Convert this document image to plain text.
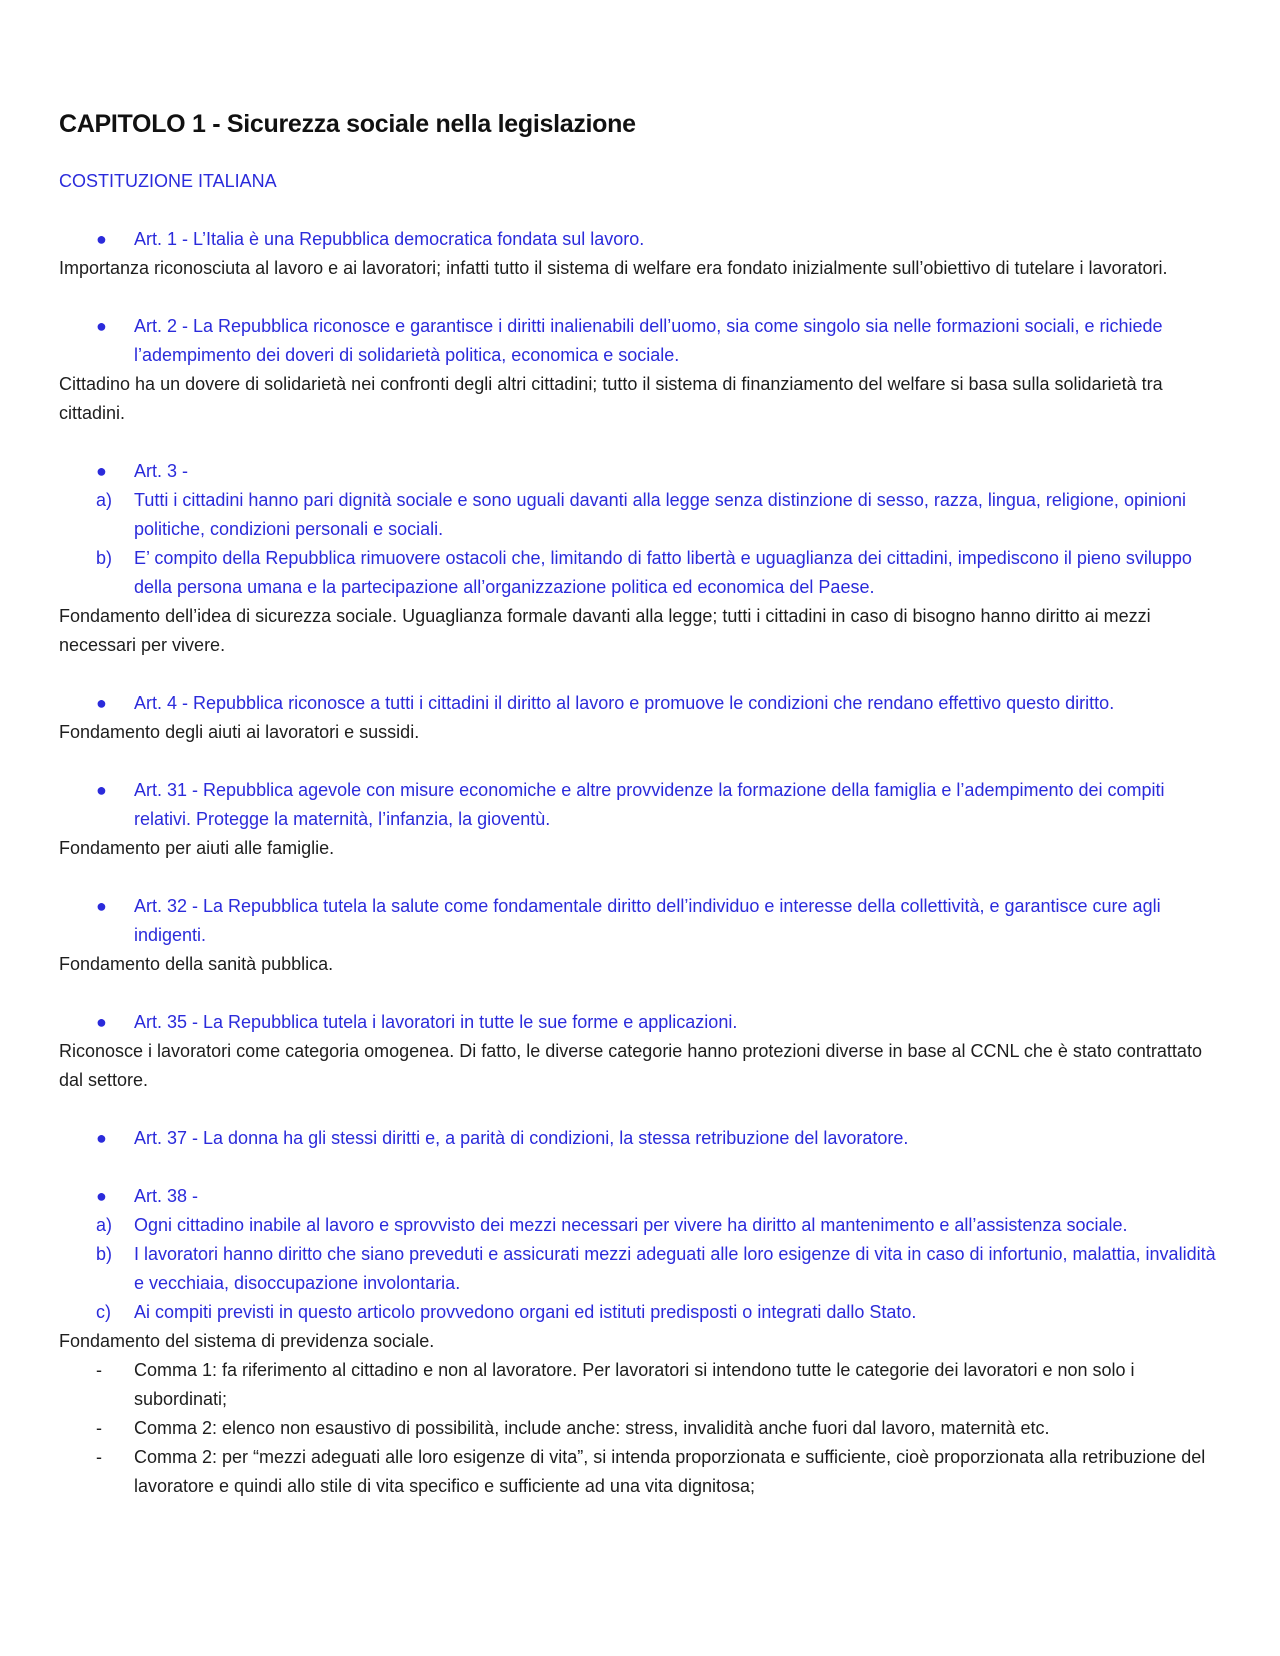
CAPITOLO 1 - Sicurezza sociale nella legislazione
COSTITUZIONE ITALIANA
●	Art. 1 - L’Italia è una Repubblica democratica fondata sul lavoro.
Importanza riconosciuta al lavoro e ai lavoratori; infatti tutto il sistema di welfare era fondato inizialmente sull’obiettivo di tutelare i lavoratori.
●	Art. 2 - La Repubblica riconosce e garantisce i diritti inalienabili dell’uomo, sia come singolo sia nelle formazioni sociali, e richiede l’adempimento dei doveri di solidarietà politica, economica e sociale.
Cittadino ha un dovere di solidarietà nei confronti degli altri cittadini; tutto il sistema di finanziamento del welfare si basa sulla solidarietà tra cittadini.
●	Art. 3 -
a)	Tutti i cittadini hanno pari dignità sociale e sono uguali davanti alla legge senza distinzione di sesso, razza, lingua, religione, opinioni politiche, condizioni personali e sociali.
b)	E’ compito della Repubblica rimuovere ostacoli che, limitando di fatto libertà e uguaglianza dei cittadini, impediscono il pieno sviluppo della persona umana e la partecipazione all’organizzazione politica ed economica del Paese.
Fondamento dell’idea di sicurezza sociale. Uguaglianza formale davanti alla legge; tutti i cittadini in caso di bisogno hanno diritto ai mezzi necessari per vivere.
●	Art. 4 - Repubblica riconosce a tutti i cittadini il diritto al lavoro e promuove le condizioni che rendano effettivo questo diritto.
Fondamento degli aiuti ai lavoratori e sussidi.
●	Art. 31 - Repubblica agevole con misure economiche e altre provvidenze la formazione della famiglia e l’adempimento dei compiti relativi. Protegge la maternità, l’infanzia, la gioventù.
Fondamento per aiuti alle famiglie.
●	Art. 32 - La Repubblica tutela la salute come fondamentale diritto dell’individuo e interesse della collettività, e garantisce cure agli indigenti.
Fondamento della sanità pubblica.
●	Art. 35 - La Repubblica tutela i lavoratori in tutte le sue forme e applicazioni.
Riconosce i lavoratori come categoria omogenea. Di fatto, le diverse categorie hanno protezioni diverse in base al CCNL che è stato contrattato dal settore.
●	Art. 37 - La donna ha gli stessi diritti e, a parità di condizioni, la stessa retribuzione del lavoratore.
●	Art. 38 -
a)	Ogni cittadino inabile al lavoro e sprovvisto dei mezzi necessari per vivere ha diritto al mantenimento e all’assistenza sociale.
b)	I lavoratori hanno diritto che siano preveduti e assicurati mezzi adeguati alle loro esigenze di vita in caso di infortunio, malattia, invalidità e vecchiaia, disoccupazione involontaria.
c)	Ai compiti previsti in questo articolo provvedono organi ed istituti predisposti o integrati dallo Stato.
Fondamento del sistema di previdenza sociale.
-	Comma 1: fa riferimento al cittadino e non al lavoratore. Per lavoratori si intendono tutte le categorie dei lavoratori e non solo i subordinati;
-	Comma 2: elenco non esaustivo di possibilità, include anche: stress, invalidità anche fuori dal lavoro, maternità etc.
-	Comma 2: per “mezzi adeguati alle loro esigenze di vita”, si intenda proporzionata e sufficiente, cioè proporzionata alla retribuzione del lavoratore e quindi allo stile di vita specifico e sufficiente ad una vita dignitosa;
